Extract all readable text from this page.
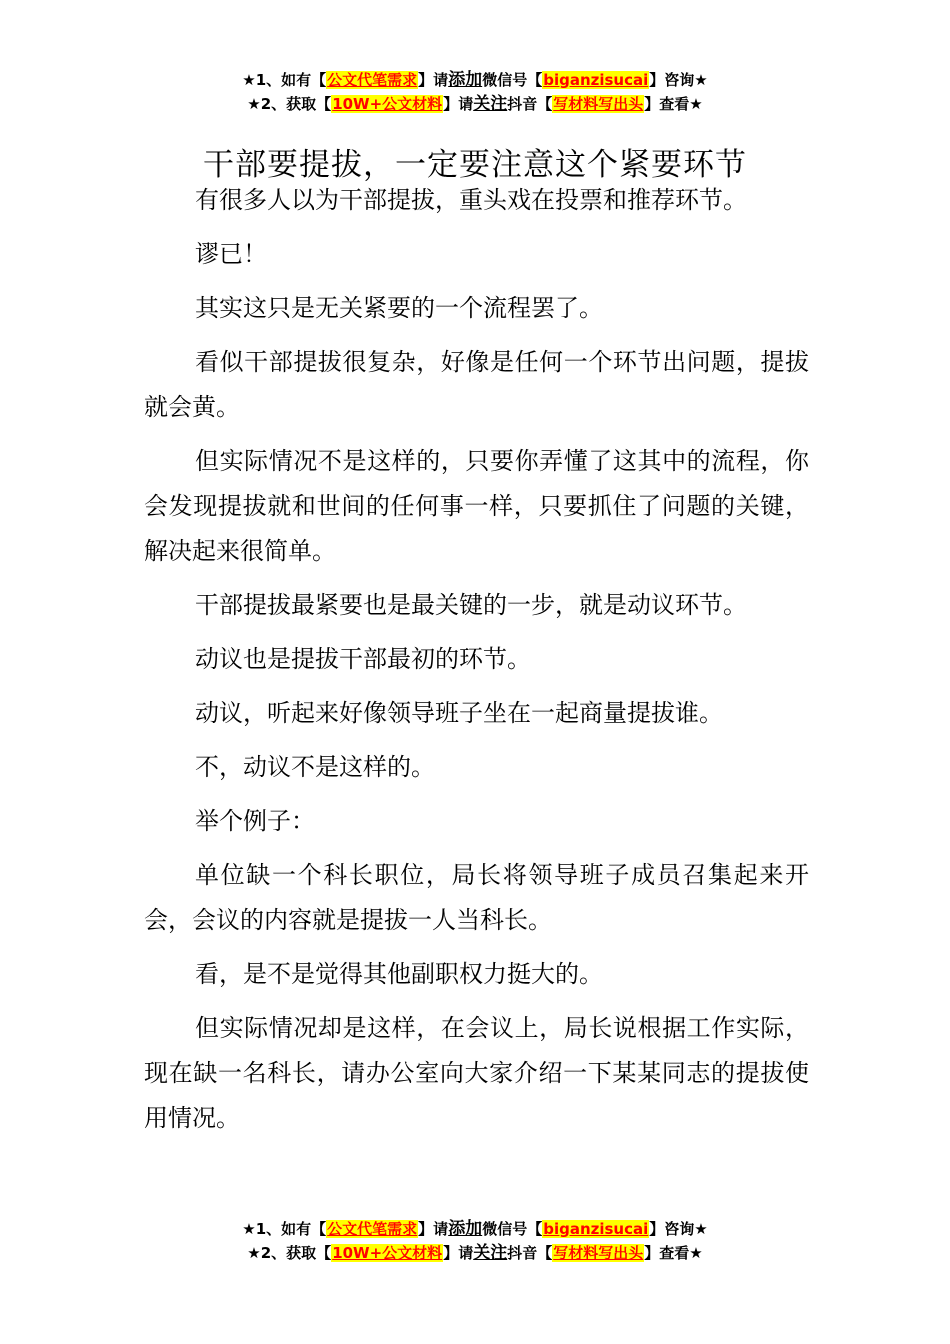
★1、如有【公文代笔需求】请添加微信号【biganzisucai】咨询★
★2、获取【10W+公文材料】请关注抖音【写材料写出头】查看★
干部要提拔，一定要注意这个紧要环节

有很多人以为干部提拔，重头戏在投票和推荐环节。

谬已！

其实这只是无关紧要的一个流程罢了。

看似干部提拔很复杂，好像是任何一个环节出问题，提拔就会黄。

但实际情况不是这样的，只要你弄懂了这其中的流程，你会发现提拔就和世间的任何事一样，只要抓住了问题的关键，解决起来很简单。

干部提拔最紧要也是最关键的一步，就是动议环节。

动议也是提拔干部最初的环节。

动议，听起来好像领导班子坐在一起商量提拔谁。

不，动议不是这样的。

举个例子：

单位缺一个科长职位，局长将领导班子成员召集起来开会，会议的内容就是提拔一人当科长。

看，是不是觉得其他副职权力挺大的。

但实际情况却是这样，在会议上，局长说根据工作实际，现在缺一名科长，请办公室向大家介绍一下某某同志的提拔使用情况。

★1、如有【公文代笔需求】请添加微信号【biganzisucai】咨询★
★2、获取【10W+公文材料】请关注抖音【写材料写出头】查看★
